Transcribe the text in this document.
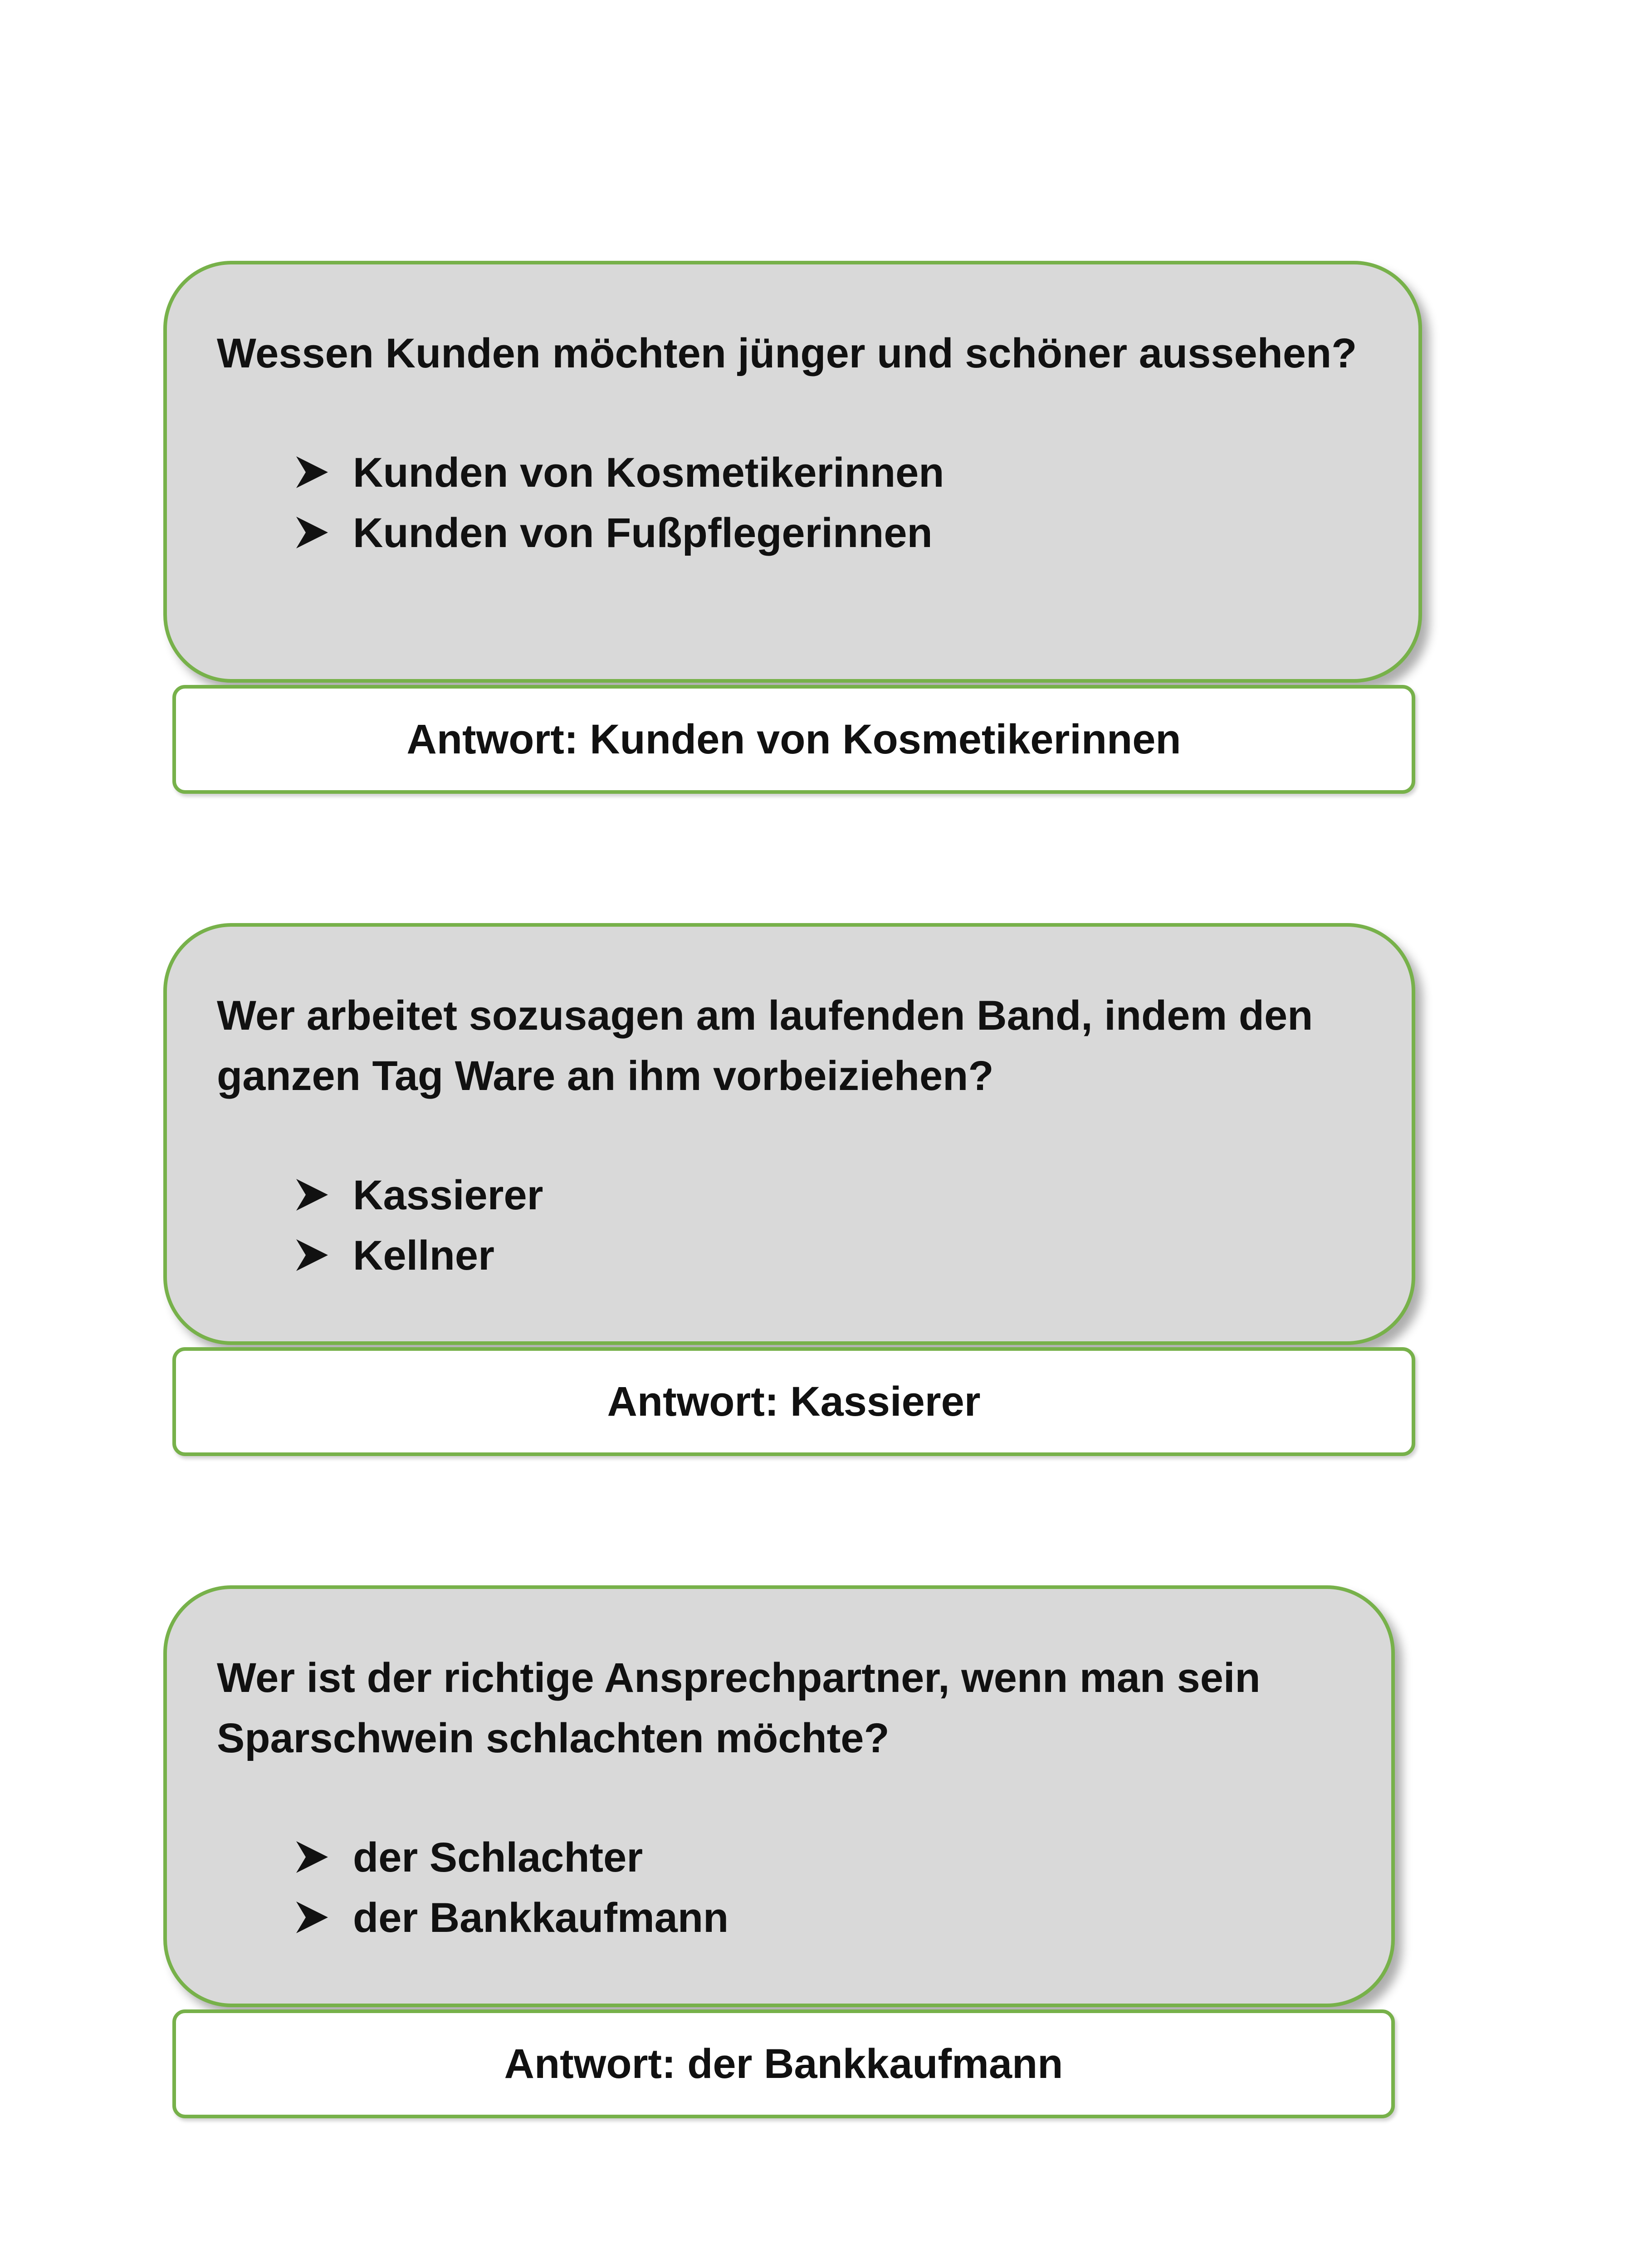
Wessen Kunden möchten jünger und schöner aussehen?

Kunden von Kosmetikerinnen
Kunden von Fußpflegerinnen
Antwort: Kunden von Kosmetikerinnen

Wer arbeitet sozusagen am laufenden Band, indem den
ganzen Tag Ware an ihm vorbeiziehen?

Kassierer
Kellner
Antwort: Kassierer

Wer ist der richtige Ansprechpartner, wenn man sein
Sparschwein schlachten möchte?

der Schlachter
der Bankkaufmann
Antwort: der Bankkaufmann
